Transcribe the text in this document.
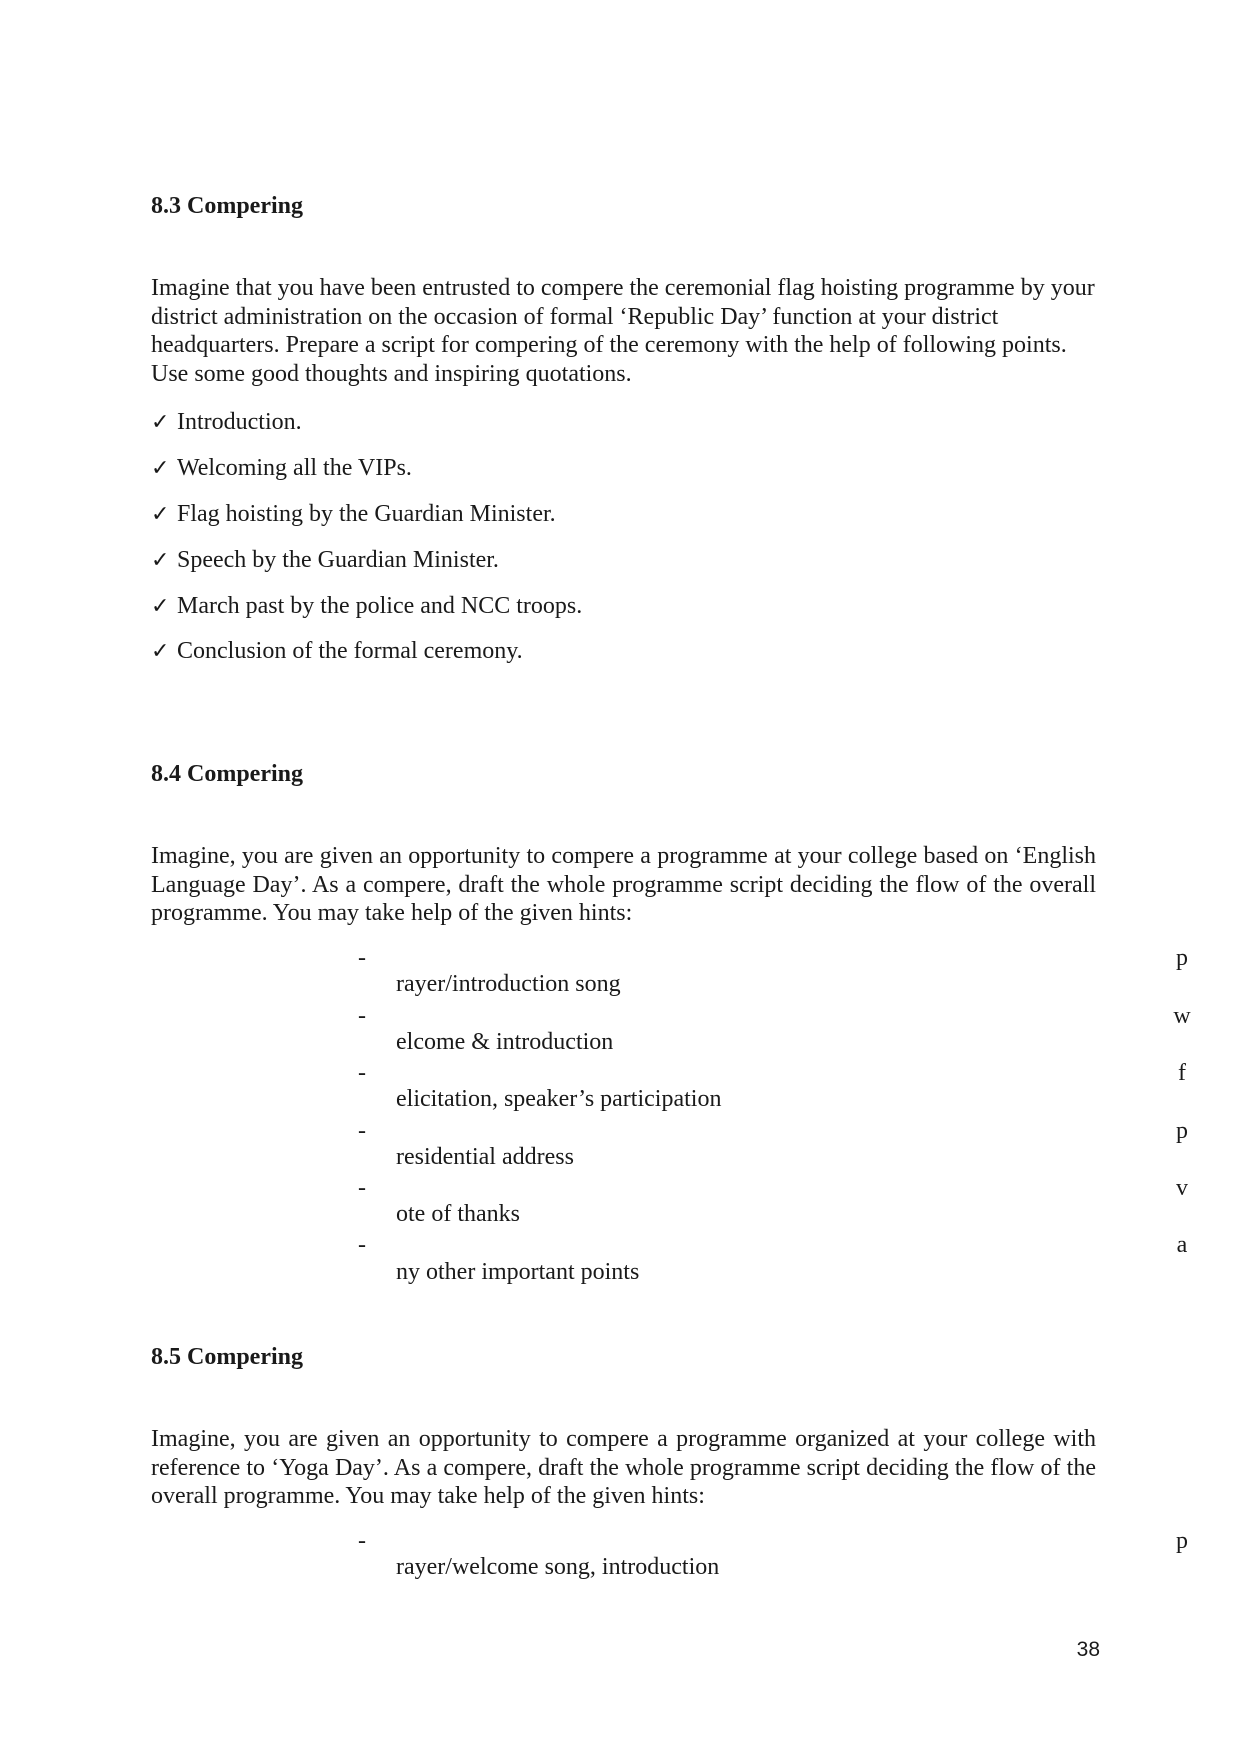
8.3 Compering

Imagine that you have been entrusted to compere the ceremonial flag hoisting programme by your district administration on the occasion of formal ‘Republic Day’ function at your district headquarters. Prepare a script for compering of the ceremony with the help of following points. Use some good thoughts and inspiring quotations.

✓ Introduction.
✓ Welcoming all the VIPs.
✓ Flag hoisting by the Guardian Minister.
✓ Speech by the Guardian Minister.
✓ March past by the police and NCC troops.
✓ Conclusion of the formal ceremony.
8.4 Compering

Imagine, you are given an opportunity to compere a programme at your college based on ‘English Language Day’. As a compere, draft the whole programme script deciding the flow of the overall programme. You may take help of the given hints:

-	p
rayer/introduction song
-	w
elcome & introduction
-	f
elicitation, speaker’s participation
-	p
residential address
-	v
ote of thanks
-	a
ny other important points
8.5 Compering

Imagine, you are given an opportunity to compere a programme organized at your college with reference to ‘Yoga Day’. As a compere, draft the whole programme script deciding the flow of the overall programme. You may take help of the given hints:

-	p
rayer/welcome song, introduction
38
